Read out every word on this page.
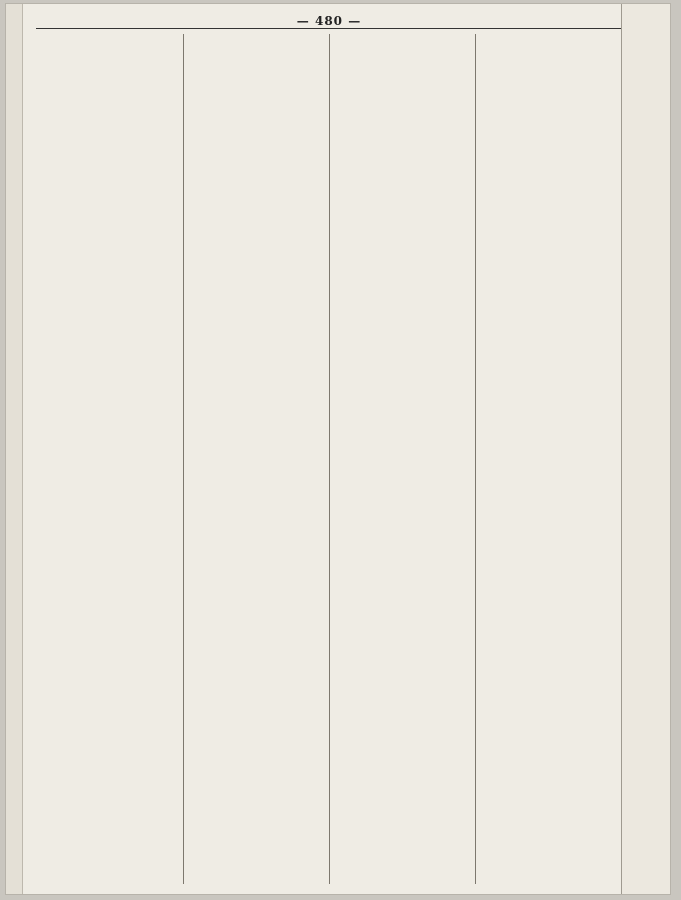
— 480 —
